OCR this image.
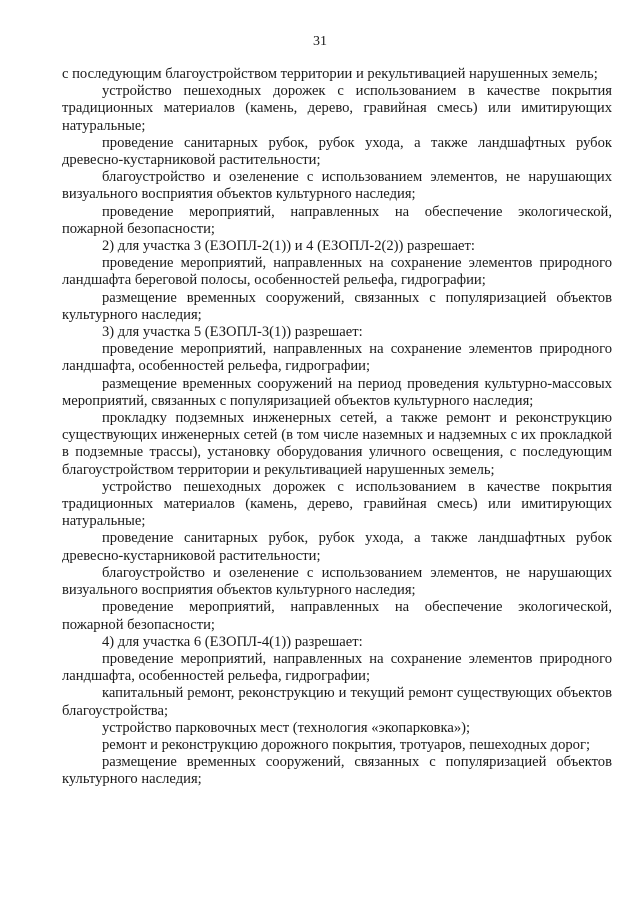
31

с последующим благоустройством территории и рекультивацией нарушенных земель;

устройство пешеходных дорожек с использованием в качестве покрытия традиционных материалов (камень, дерево, гравийная смесь) или имитирующих натуральные;

проведение санитарных рубок, рубок ухода, а также ландшафтных рубок древесно-кустарниковой растительности;

благоустройство и озеленение с использованием элементов, не нарушающих визуального восприятия объектов культурного наследия;

проведение мероприятий, направленных на обеспечение экологической, пожарной безопасности;

2) для участка 3 (ЕЗОПЛ-2(1)) и 4 (ЕЗОПЛ-2(2)) разрешает:

проведение мероприятий, направленных на сохранение элементов природного ландшафта береговой полосы, особенностей рельефа, гидрографии;

размещение временных сооружений, связанных с популяризацией объектов культурного наследия;

3) для участка 5 (ЕЗОПЛ-3(1)) разрешает:

проведение мероприятий, направленных на сохранение элементов природного ландшафта, особенностей рельефа, гидрографии;

размещение временных сооружений на период проведения культурно-массовых мероприятий, связанных с популяризацией объектов культурного наследия;

прокладку подземных инженерных сетей, а также ремонт и реконструкцию существующих инженерных сетей (в том числе наземных и надземных с их прокладкой в подземные трассы), установку оборудования уличного освещения, с последующим благоустройством территории и рекультивацией нарушенных земель;

устройство пешеходных дорожек с использованием в качестве покрытия традиционных материалов (камень, дерево, гравийная смесь) или имитирующих натуральные;

проведение санитарных рубок, рубок ухода, а также ландшафтных рубок древесно-кустарниковой растительности;

благоустройство и озеленение с использованием элементов, не нарушающих визуального восприятия объектов культурного наследия;

проведение мероприятий, направленных на обеспечение экологической, пожарной безопасности;

4) для участка 6 (ЕЗОПЛ-4(1)) разрешает:

проведение мероприятий, направленных на сохранение элементов природного ландшафта, особенностей рельефа, гидрографии;

капитальный ремонт, реконструкцию и текущий ремонт существующих объектов благоустройства;

устройство парковочных мест (технология «экопарковка»);

ремонт и реконструкцию дорожного покрытия, тротуаров, пешеходных дорог;

размещение временных сооружений, связанных с популяризацией объектов культурного наследия;
